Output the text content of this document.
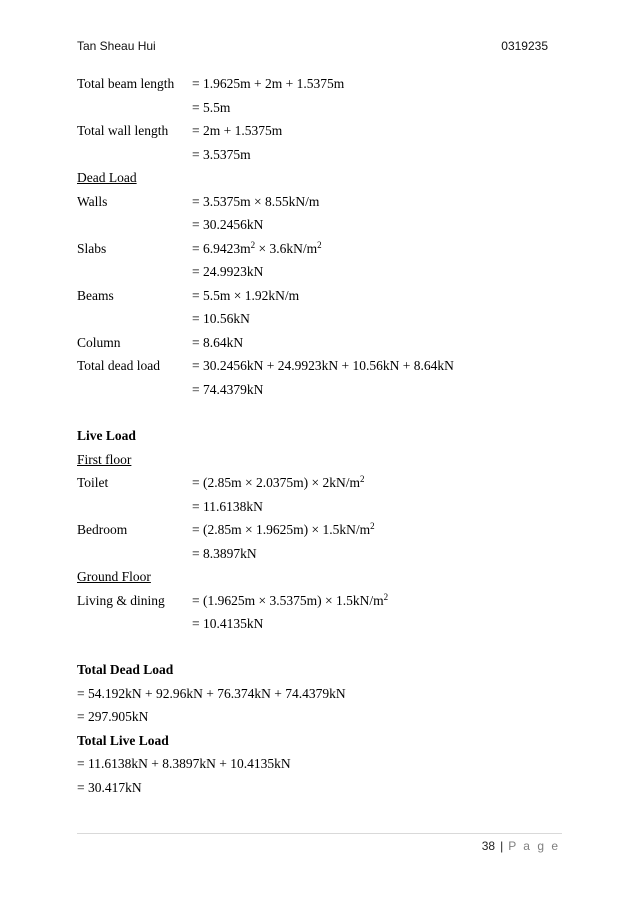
Tan Sheau Hui	0319235
Total beam length = 1.9625m + 2m + 1.5375m
= 5.5m
Total wall length = 2m + 1.5375m
= 3.5375m
Dead Load
Walls	= 3.5375m × 8.55kN/m
= 30.2456kN
Slabs	= $6.9423m^2 \times 3.6kN/m^2$
= 24.9923kN
Beams	= 5.5m × 1.92kN/m
= 10.56kN
Column	= 8.64kN
Total dead load = 30.2456kN + 24.9923kN + 10.56kN + 8.64kN
= 74.4379kN
Live Load
First floor
Toilet	= $(2.85m \times 2.0375m) \times 2kN/m^2$
= 11.6138kN
Bedroom	= $(2.85m \times 1.9625m) \times 1.5kN/m^2$
= 8.3897kN
Ground Floor
Living & dining = $(1.9625m \times 3.5375m) \times 1.5kN/m^2$
= 10.4135kN
Total Dead Load
= 54.192kN + 92.96kN + 76.374kN + 74.4379kN
= 297.905kN
Total Live Load
= 11.6138kN + 8.3897kN + 10.4135kN
= 30.417kN
38 | P a g e
